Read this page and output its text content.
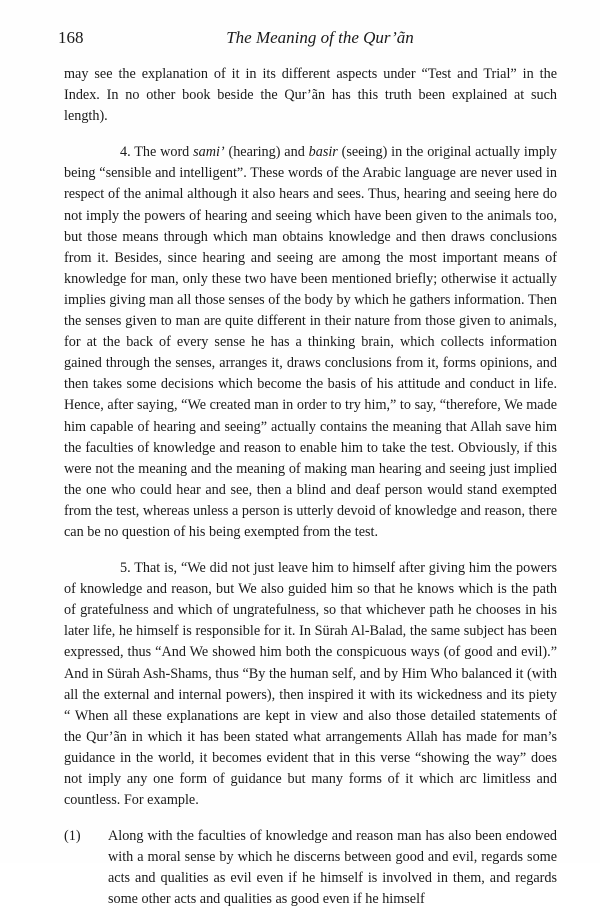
168	The Meaning of the Qur’ãn

may see the explanation of it in its different aspects under “Test and Trial” in the Index. In no other book beside the Qur’ãn has this truth been explained at such length).

4. The word sami’ (hearing) and basir (seeing) in the original actually imply being “sensible and intelligent”. These words of the Arabic language are never used in respect of the animal although it also hears and sees. Thus, hearing and seeing here do not imply the powers of hearing and seeing which have been given to the animals too, but those means through which man obtains knowledge and then draws conclusions from it. Besides, since hearing and seeing are among the most important means of knowledge for man, only these two have been mentioned briefly; otherwise it actually implies giving man all those senses of the body by which he gathers information. Then the senses given to man are quite different in their nature from those given to animals, for at the back of every sense he has a thinking brain, which collects information gained through the senses, arranges it, draws conclusions from it, forms opinions, and then takes some decisions which become the basis of his attitude and conduct in life. Hence, after saying, “We created man in order to try him,” to say, “therefore, We made him capable of hearing and seeing” actually contains the meaning that Allah save him the faculties of knowledge and reason to enable him to take the test. Obviously, if this were not the meaning and the meaning of making man hearing and seeing just implied the one who could hear and see, then a blind and deaf person would stand exempted from the test, whereas unless a person is utterly devoid of knowledge and reason, there can be no question of his being exempted from the test.

5. That is, “We did not just leave him to himself after giving him the powers of knowledge and reason, but We also guided him so that he knows which is the path of gratefulness and which of ungratefulness, so that whichever path he chooses in his later life, he himself is responsible for it. In Sürah Al-Balad, the same subject has been expressed, thus “And We showed him both the conspicuous ways (of good and evil).” And in Sürah Ash-Shams, thus “By the human self, and by Him Who balanced it (with all the external and internal powers), then inspired it with its wickedness and its piety “ When all these explanations are kept in view and also those detailed statements of the Qur’ãn in which it has been stated what arrangements Allah has made for man’s guidance in the world, it becomes evident that in this verse “showing the way” does not imply any one form of guidance but many forms of it which arc limitless and countless. For example.

(1) Along with the faculties of knowledge and reason man has also been endowed with a moral sense by which he discerns between good and evil, regards some acts and qualities as evil even if he himself is involved in them, and regards some other acts and qualities as good even if he himself
